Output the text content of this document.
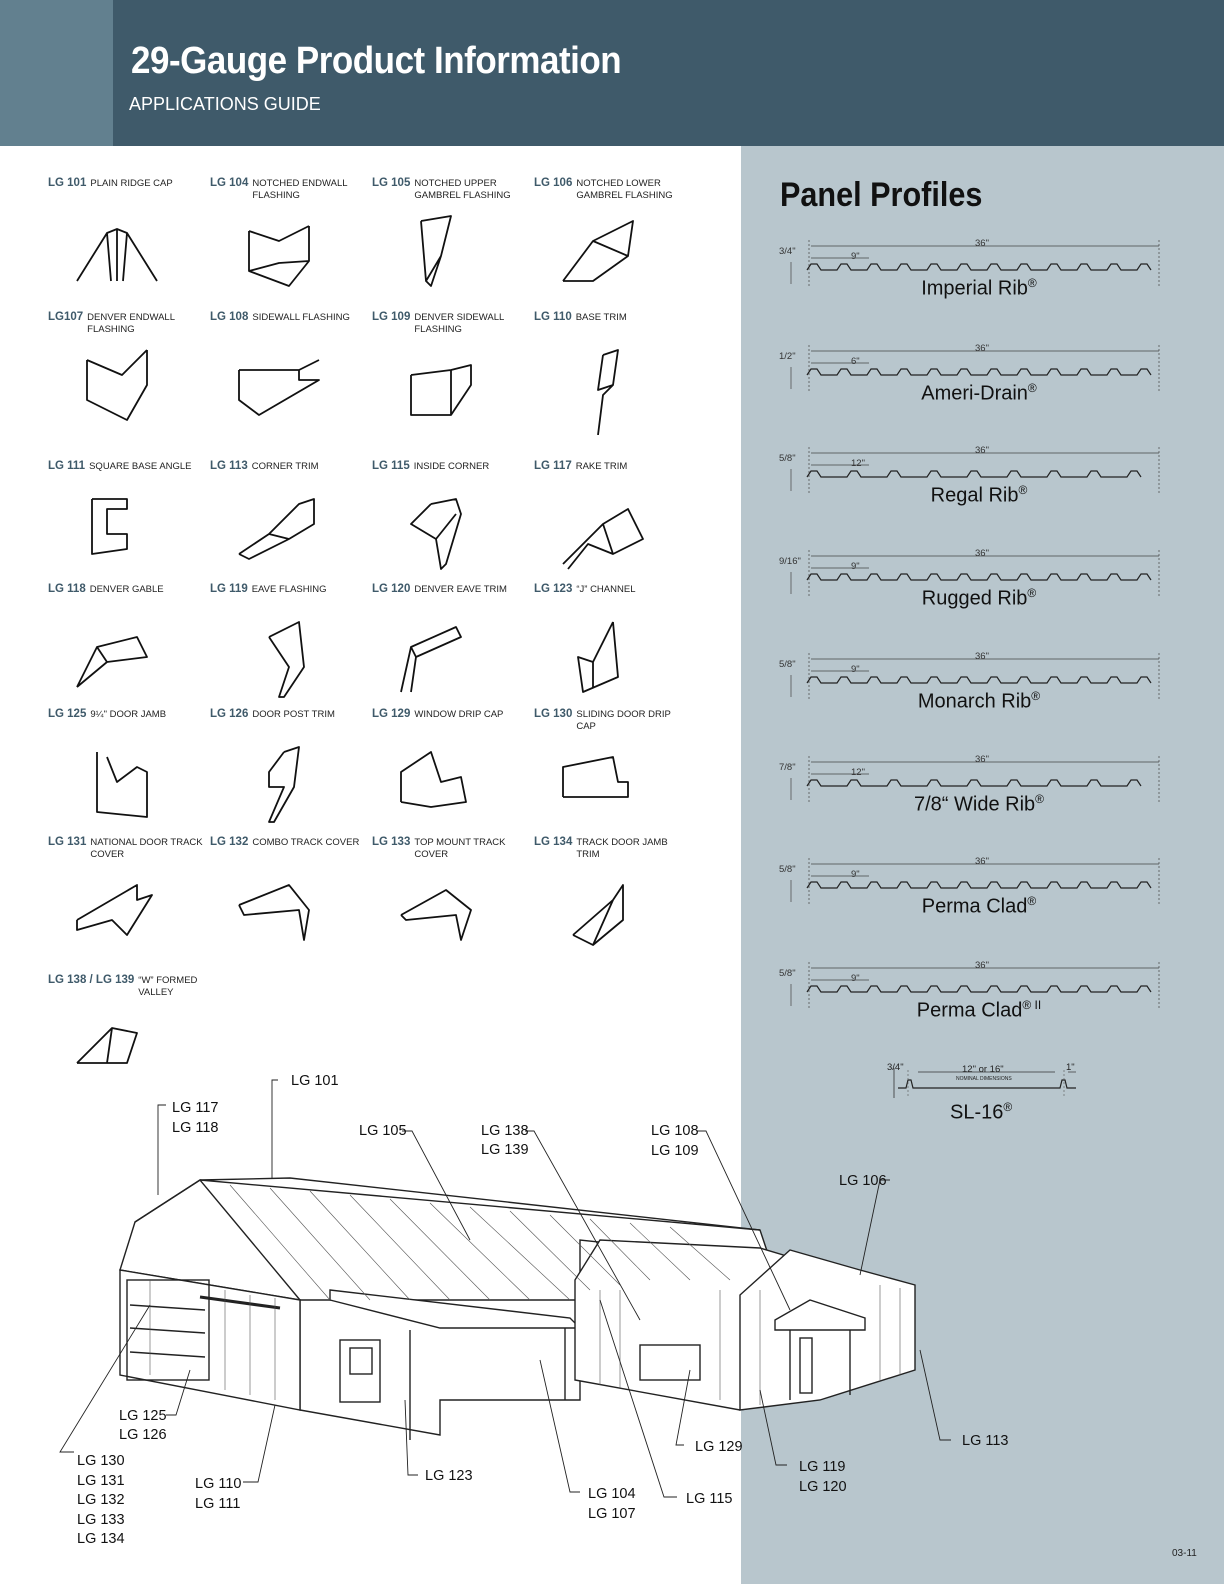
29-Gauge Product Information
APPLICATIONS GUIDE
LG 101 PLAIN RIDGE CAP	LG 104 NOTCHED ENDWALL FLASHING
LG 105 NOTCHED UPPER GAMBREL FLASHING
LG 106 NOTCHED LOWER GAMBREL FLASHING
LG107 DENVER ENDWALL FLASHING
LG 108 SIDEWALL FLASHING	LG 109 DENVER SIDEWALL FLASHING
LG 110 BASE TRIM
LG 111 SQUARE BASE ANGLE	LG 113 CORNER TRIM	LG 115 INSIDE CORNER	LG 117 RAKE TRIM
LG 118 DENVER GABLE	LG 119 EAVE FLASHING	LG 120 DENVER EAVE TRIM	LG 123 “J” CHANNEL
LG 125 9¼" DOOR JAMB	LG 126 DOOR POST TRIM	LG 129 WINDOW DRIP CAP	LG 130 SLIDING DOOR DRIP CAP
LG 131 NATIONAL DOOR TRACK COVER
LG 132 COMBO TRACK COVER	LG 133 TOP MOUNT TRACK COVER
LG 134 TRACK DOOR JAMB TRIM
LG 138 / LG 139 “W” FORMED VALLEY
Panel Profiles
3/4"	9"
36"
Imperial Rib®
1/2"	6"
36"
Ameri-Drain®
5/8"	12"
36"
Regal Rib®
9/16"	9"
36"
Rugged Rib®
5/8"	9"
36"
Monarch Rib®
7/8"	12"
36"
7/8“ Wide Rib®
5/8"	9"
36"
Perma Clad®
5/8"	9"
36"
Perma Clad$^{® II}$
3/4"	12" or 16"	1"
NOMINAL DIMENSIONS
SL-16®
LG 101
LG 117
LG 118	LG 105	LG 138
LG 139
LG 108
LG 109
LG 106
LG 125
LG 126
LG 130
LG 131
LG 132
LG 133
LG 134
LG 110
LG 111
LG 123
LG 104
LG 107
LG 115
LG 129
LG 119
LG 120
LG 113
03-11
